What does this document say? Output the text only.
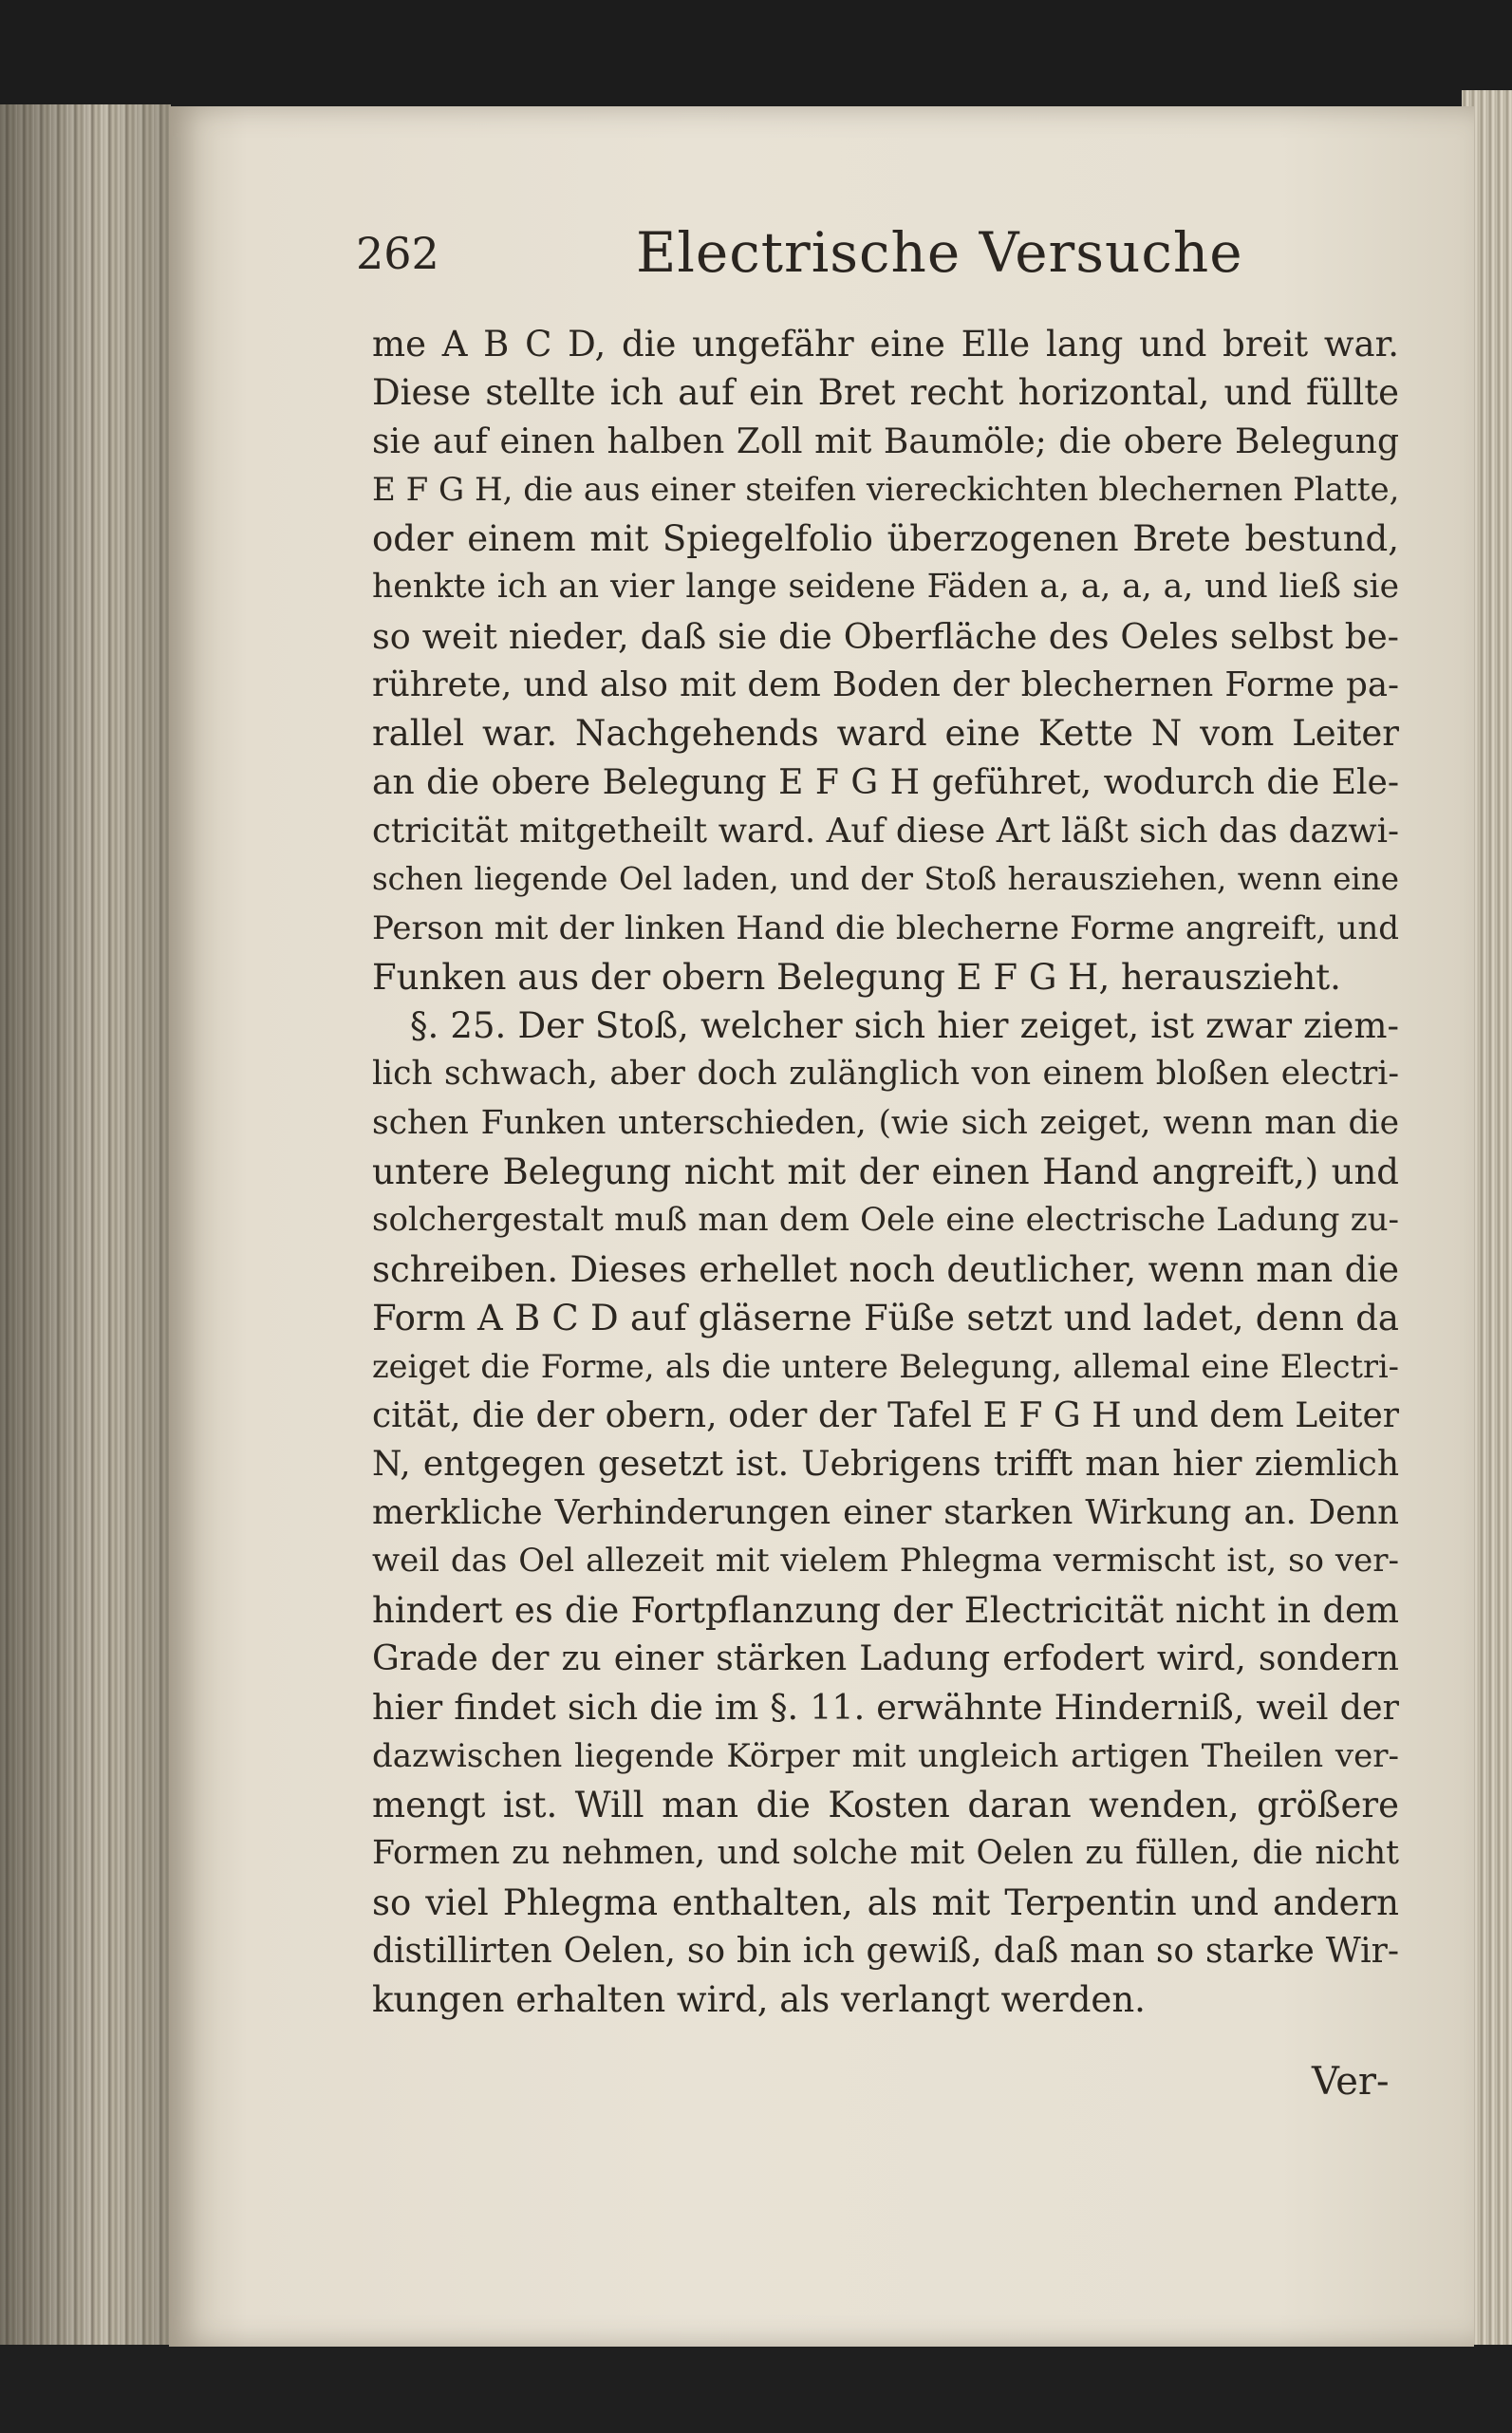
262	Electrische Versuche
me A B C D, die ungefähr eine Elle lang und breit war.
Diese stellte ich auf ein Bret recht horizontal, und füllte
sie auf einen halben Zoll mit Baumöle; die obere Belegung
E F G H, die aus einer steifen viereckichten blechernen Platte,
oder einem mit Spiegelfolio überzogenen Brete bestund,
henkte ich an vier lange seidene Fäden a, a, a, a, und ließ sie
so weit nieder, daß sie die Oberfläche des Oeles selbst be-
rührete, und also mit dem Boden der blechernen Forme pa-
rallel war. Nachgehends ward eine Kette N vom Leiter
an die obere Belegung E F G H geführet, wodurch die Ele-
ctricität mitgetheilt ward. Auf diese Art läßt sich das dazwi-
schen liegende Oel laden, und der Stoß herausziehen, wenn eine
Person mit der linken Hand die blecherne Forme angreift, und
Funken aus der obern Belegung E F G H, herauszieht.
§. 25. Der Stoß, welcher sich hier zeiget, ist zwar ziem-
lich schwach, aber doch zulänglich von einem bloßen electri-
schen Funken unterschieden, (wie sich zeiget, wenn man die
untere Belegung nicht mit der einen Hand angreift,) und
solchergestalt muß man dem Oele eine electrische Ladung zu-
schreiben. Dieses erhellet noch deutlicher, wenn man die
Form A B C D auf gläserne Füße setzt und ladet, denn da
zeiget die Forme, als die untere Belegung, allemal eine Electri-
cität, die der obern, oder der Tafel E F G H und dem Leiter
N, entgegen gesetzt ist. Uebrigens trifft man hier ziemlich
merkliche Verhinderungen einer starken Wirkung an. Denn
weil das Oel allezeit mit vielem Phlegma vermischt ist, so ver-
hindert es die Fortpflanzung der Electricität nicht in dem
Grade der zu einer stärken Ladung erfodert wird, sondern
hier findet sich die im §. 11. erwähnte Hinderniß, weil der
dazwischen liegende Körper mit ungleich artigen Theilen ver-
mengt ist. Will man die Kosten daran wenden, größere
Formen zu nehmen, und solche mit Oelen zu füllen, die nicht
so viel Phlegma enthalten, als mit Terpentin und andern
distillirten Oelen, so bin ich gewiß, daß man so starke Wir-
kungen erhalten wird, als verlangt werden.
Ver-
